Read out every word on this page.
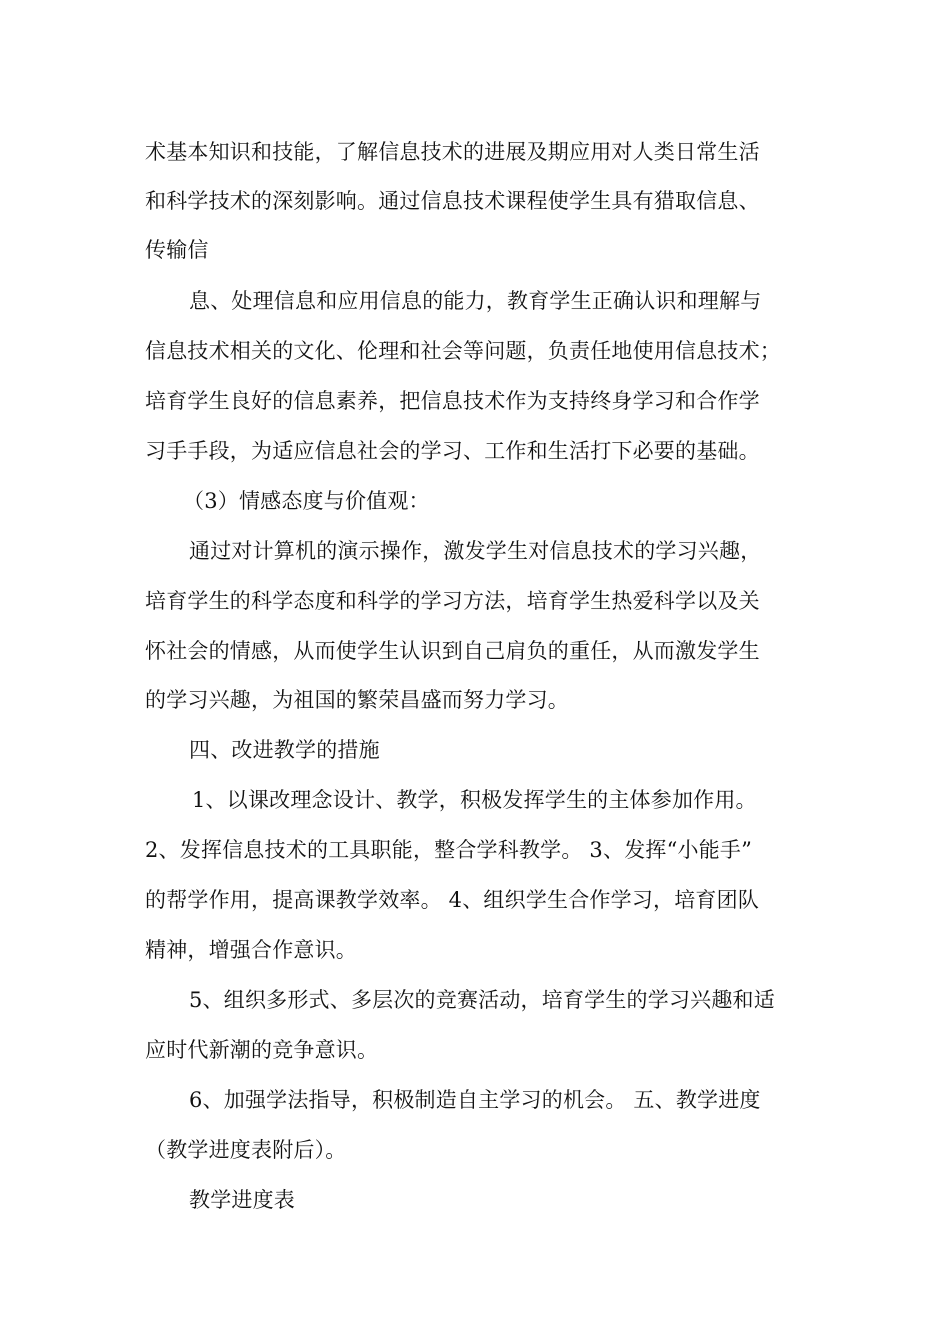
术基本知识和技能，了解信息技术的进展及期应用对人类日常生活
和科学技术的深刻影响。通过信息技术课程使学生具有猎取信息、
传输信
息、处理信息和应用信息的能力，教育学生正确认识和理解与
信息技术相关的文化、伦理和社会等问题，负责任地使用信息技术；
培育学生良好的信息素养，把信息技术作为支持终身学习和合作学
习手手段，为适应信息社会的学习、工作和生活打下必要的基础。
（3）情感态度与价值观：
通过对计算机的演示操作，激发学生对信息技术的学习兴趣，
培育学生的科学态度和科学的学习方法，培育学生热爱科学以及关
怀社会的情感，从而使学生认识到自己肩负的重任，从而激发学生
的学习兴趣，为祖国的繁荣昌盛而努力学习。
四、改进教学的措施
1、以课改理念设计、教学，积极发挥学生的主体参加作用。
2、发挥信息技术的工具职能，整合学科教学。 3、发挥“小能手”
的帮学作用，提高课教学效率。 4、组织学生合作学习，培育团队
精神，增强合作意识。
5、组织多形式、多层次的竞赛活动，培育学生的学习兴趣和适
应时代新潮的竞争意识。
6、加强学法指导，积极制造自主学习的机会。 五、教学进度
（教学进度表附后）。
教学进度表
